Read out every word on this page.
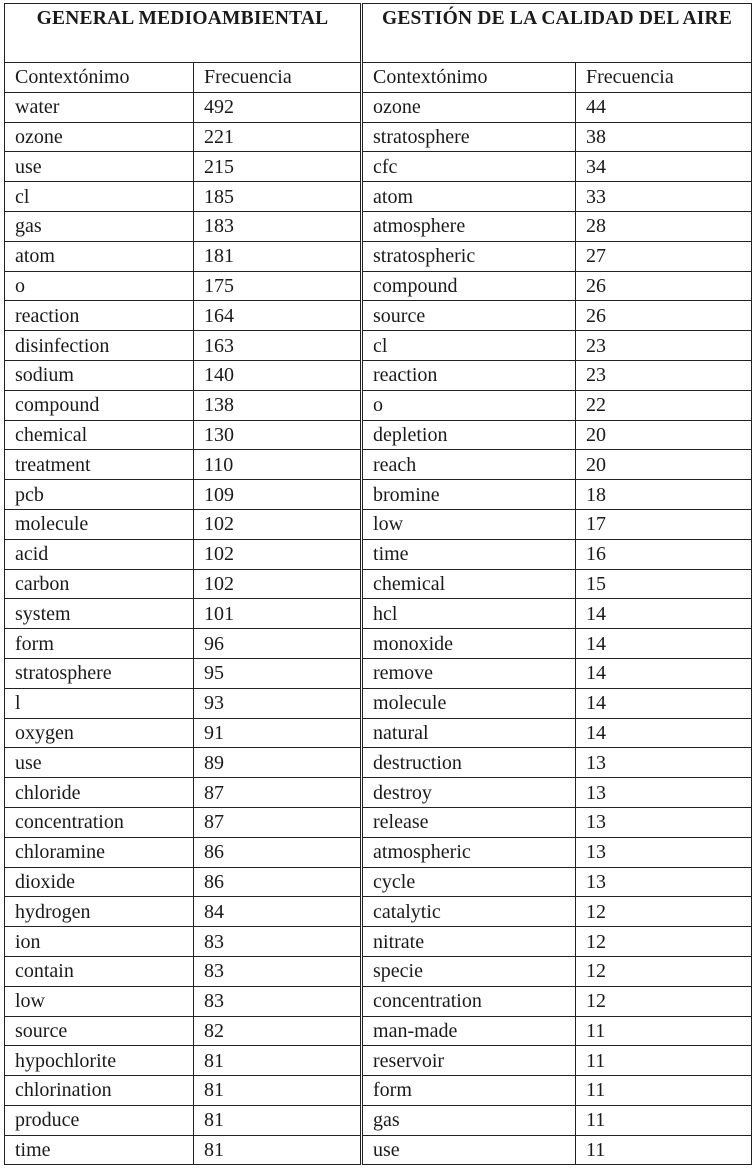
GENERAL MEDIOAMBIENTAL		GESTIÓN DE LA CALIDAD DEL AIRE	
Contextónimo	Frecuencia	Contextónimo	Frecuencia
water	492	ozone	44
ozone	221	stratosphere	38
use	215	cfc	34
cl	185	atom	33
gas	183	atmosphere	28
atom	181	stratospheric	27
o	175	compound	26
reaction	164	source	26
disinfection	163	cl	23
sodium	140	reaction	23
compound	138	o	22
chemical	130	depletion	20
treatment	110	reach	20
pcb	109	bromine	18
molecule	102	low	17
acid	102	time	16
carbon	102	chemical	15
system	101	hcl	14
form	96	monoxide	14
stratosphere	95	remove	14
l	93	molecule	14
oxygen	91	natural	14
use	89	destruction	13
chloride	87	destroy	13
concentration	87	release	13
chloramine	86	atmospheric	13
dioxide	86	cycle	13
hydrogen	84	catalytic	12
ion	83	nitrate	12
contain	83	specie	12
low	83	concentration	12
source	82	man-made	11
hypochlorite	81	reservoir	11
chlorination	81	form	11
produce	81	gas	11
time	81	use	11
